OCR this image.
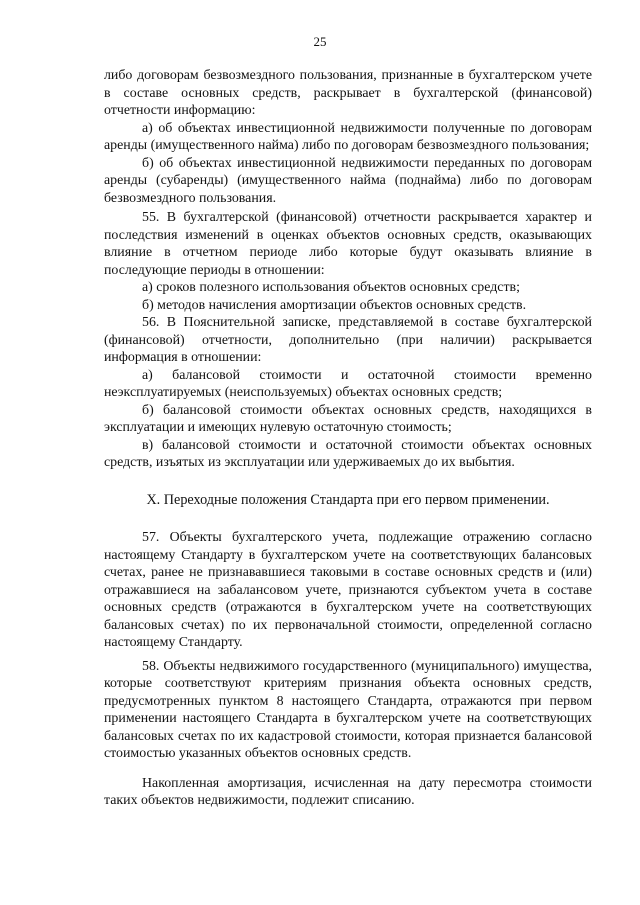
25

либо договорам безвозмездного пользования, признанные в бухгалтерском учете в составе основных средств, раскрывает в бухгалтерской (финансовой) отчетности информацию:

а) об объектах инвестиционной недвижимости полученные по договорам аренды (имущественного найма) либо по договорам безвозмездного пользования;

б) об объектах инвестиционной недвижимости переданных по договорам аренды (субаренды) (имущественного найма (поднайма) либо по договорам безвозмездного пользования.

55. В бухгалтерской (финансовой) отчетности раскрывается характер и последствия изменений в оценках объектов основных средств, оказывающих влияние в отчетном периоде либо которые будут оказывать влияние в последующие периоды в отношении:

а) сроков полезного использования объектов основных средств;

б) методов начисления амортизации объектов основных средств.

56. В Пояснительной записке, представляемой в составе бухгалтерской (финансовой) отчетности, дополнительно (при наличии) раскрывается информация в отношении:

а) балансовой стоимости и остаточной стоимости временно неэксплуатируемых (неиспользуемых) объектах основных средств;

б) балансовой стоимости объектах основных средств, находящихся в эксплуатации и имеющих нулевую остаточную стоимость;

в) балансовой стоимости и остаточной стоимости объектах основных средств, изъятых из эксплуатации или удерживаемых до их выбытия.

X. Переходные положения Стандарта при его первом применении.

57. Объекты бухгалтерского учета, подлежащие отражению согласно настоящему Стандарту в бухгалтерском учете на соответствующих балансовых счетах, ранее не признававшиеся таковыми в составе основных средств и (или) отражавшиеся на забалансовом учете, признаются субъектом учета в составе основных средств (отражаются в бухгалтерском учете на соответствующих балансовых счетах) по их первоначальной стоимости, определенной согласно настоящему Стандарту.

58. Объекты недвижимого государственного (муниципального) имущества, которые соответствуют критериям признания объекта основных средств, предусмотренных пунктом 8 настоящего Стандарта, отражаются при первом применении настоящего Стандарта в бухгалтерском учете на соответствующих балансовых счетах по их кадастровой стоимости, которая признается балансовой стоимостью указанных объектов основных средств.

Накопленная амортизация, исчисленная на дату пересмотра стоимости таких объектов недвижимости, подлежит списанию.
